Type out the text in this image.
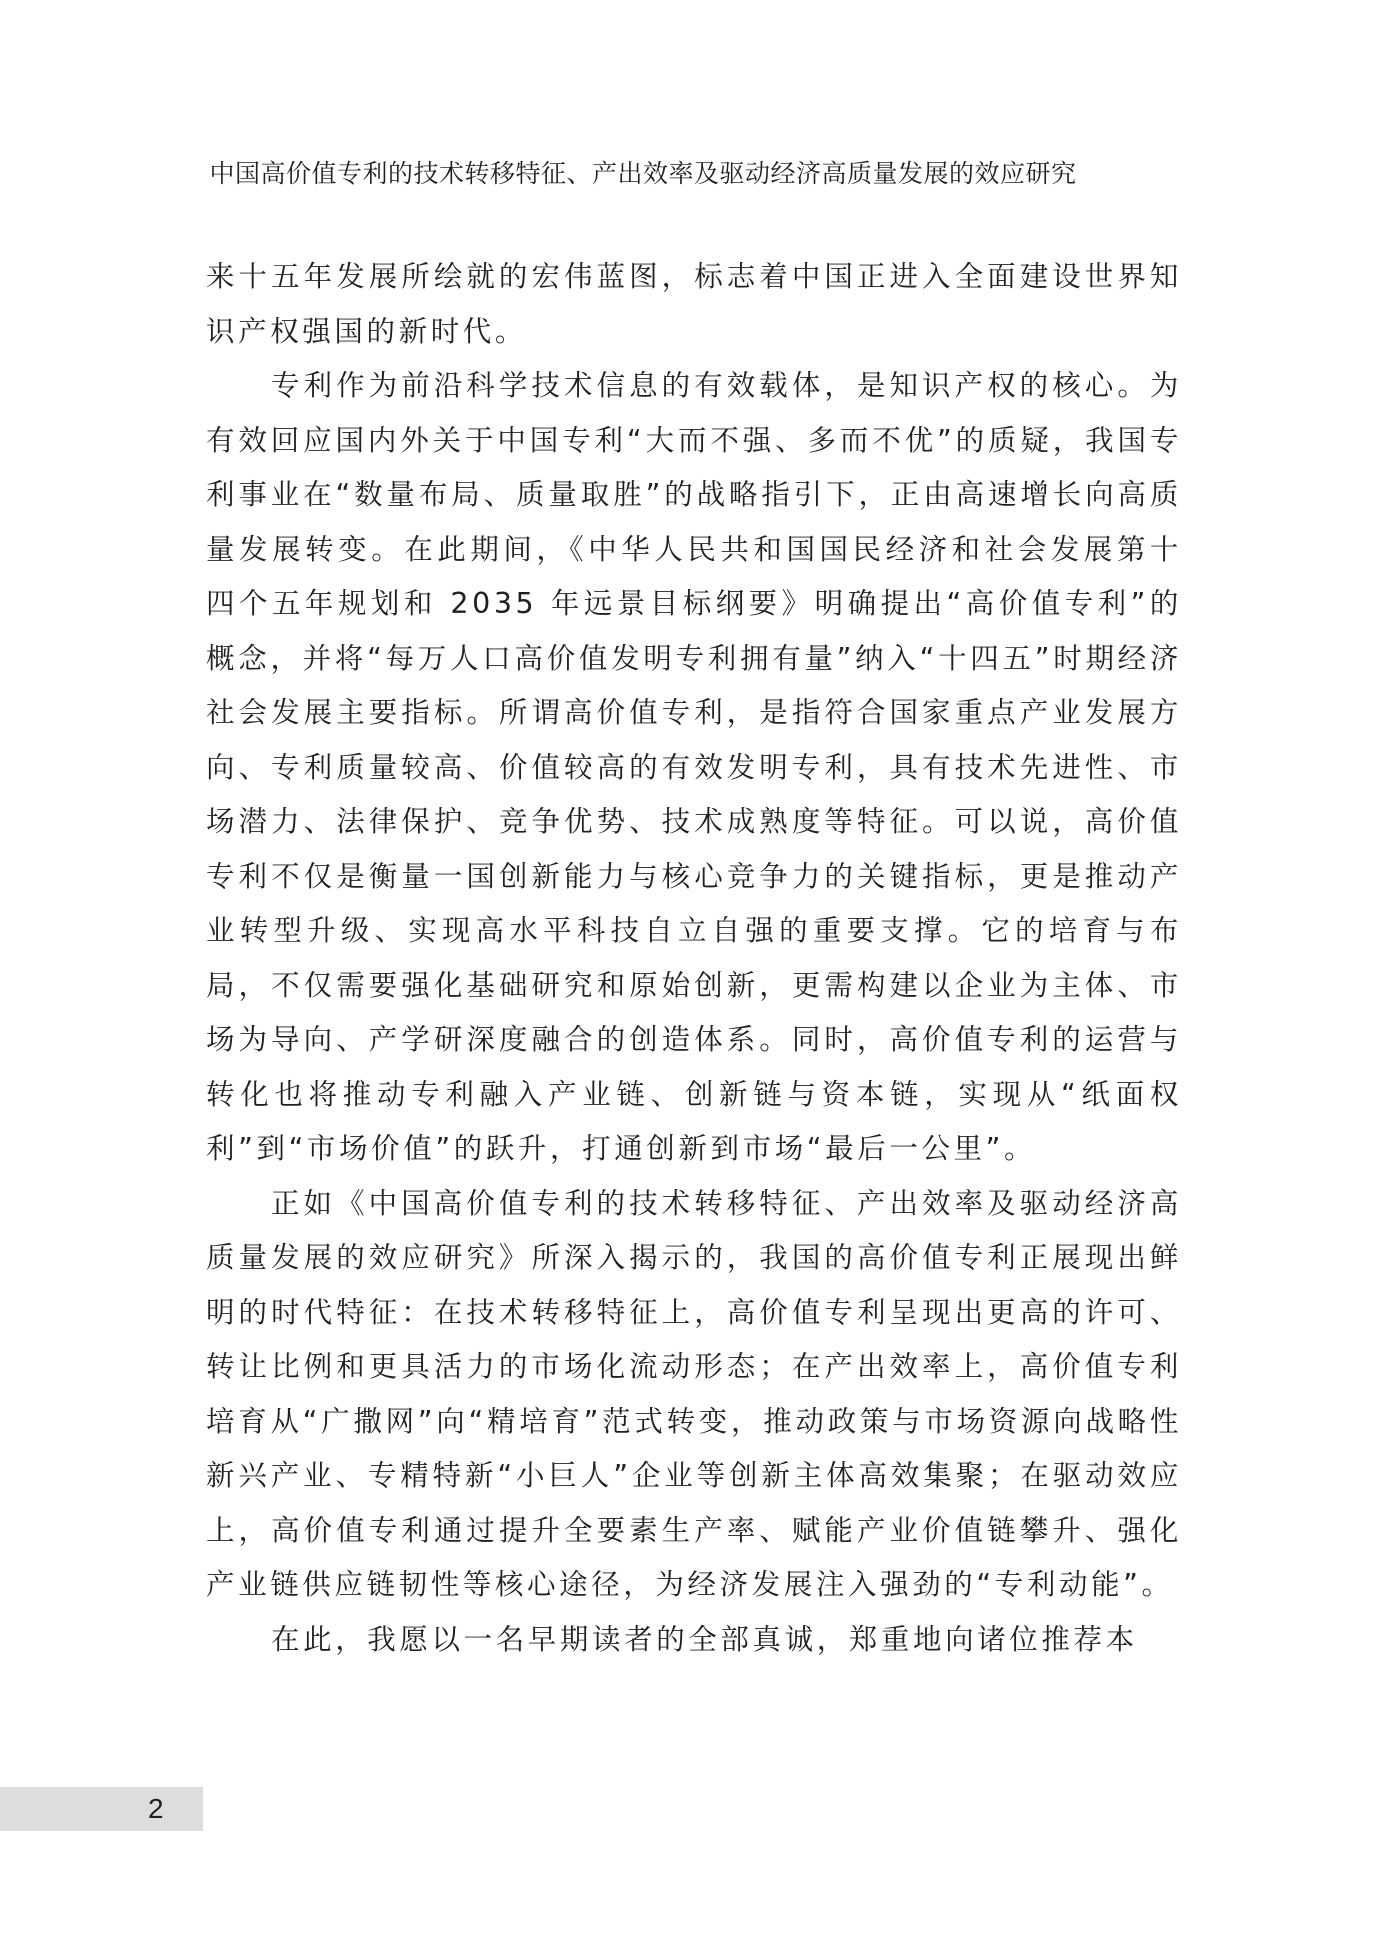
中国高价值专利的技术转移特征、产出效率及驱动经济高质量发展的效应研究

来十五年发展所绘就的宏伟蓝图，标志着中国正进入全面建设世界知识产权强国的新时代。

专利作为前沿科学技术信息的有效载体，是知识产权的核心。为有效回应国内外关于中国专利“大而不强、多而不优”的质疑，我国专利事业在“数量布局、质量取胜”的战略指引下，正由高速增长向高质量发展转变。在此期间，《中华人民共和国国民经济和社会发展第十四个五年规划和 2035 年远景目标纲要》明确提出“高价值专利”的概念，并将“每万人口高价值发明专利拥有量”纳入“十四五”时期经济社会发展主要指标。所谓高价值专利，是指符合国家重点产业发展方向、专利质量较高、价值较高的有效发明专利，具有技术先进性、市场潜力、法律保护、竞争优势、技术成熟度等特征。可以说，高价值专利不仅是衡量一国创新能力与核心竞争力的关键指标，更是推动产业转型升级、实现高水平科技自立自强的重要支撑。它的培育与布局，不仅需要强化基础研究和原始创新，更需构建以企业为主体、市场为导向、产学研深度融合的创造体系。同时，高价值专利的运营与转化也将推动专利融入产业链、创新链与资本链，实现从“纸面权利”到“市场价值”的跃升，打通创新到市场“最后一公里”。

正如《中国高价值专利的技术转移特征、产出效率及驱动经济高质量发展的效应研究》所深入揭示的，我国的高价值专利正展现出鲜明的时代特征：在技术转移特征上，高价值专利呈现出更高的许可、转让比例和更具活力的市场化流动形态；在产出效率上，高价值专利培育从“广撒网”向“精培育”范式转变，推动政策与市场资源向战略性新兴产业、专精特新“小巨人”企业等创新主体高效集聚；在驱动效应上，高价值专利通过提升全要素生产率、赋能产业价值链攀升、强化产业链供应链韧性等核心途径，为经济发展注入强劲的“专利动能”。

在此，我愿以一名早期读者的全部真诚，郑重地向诸位推荐本

2
